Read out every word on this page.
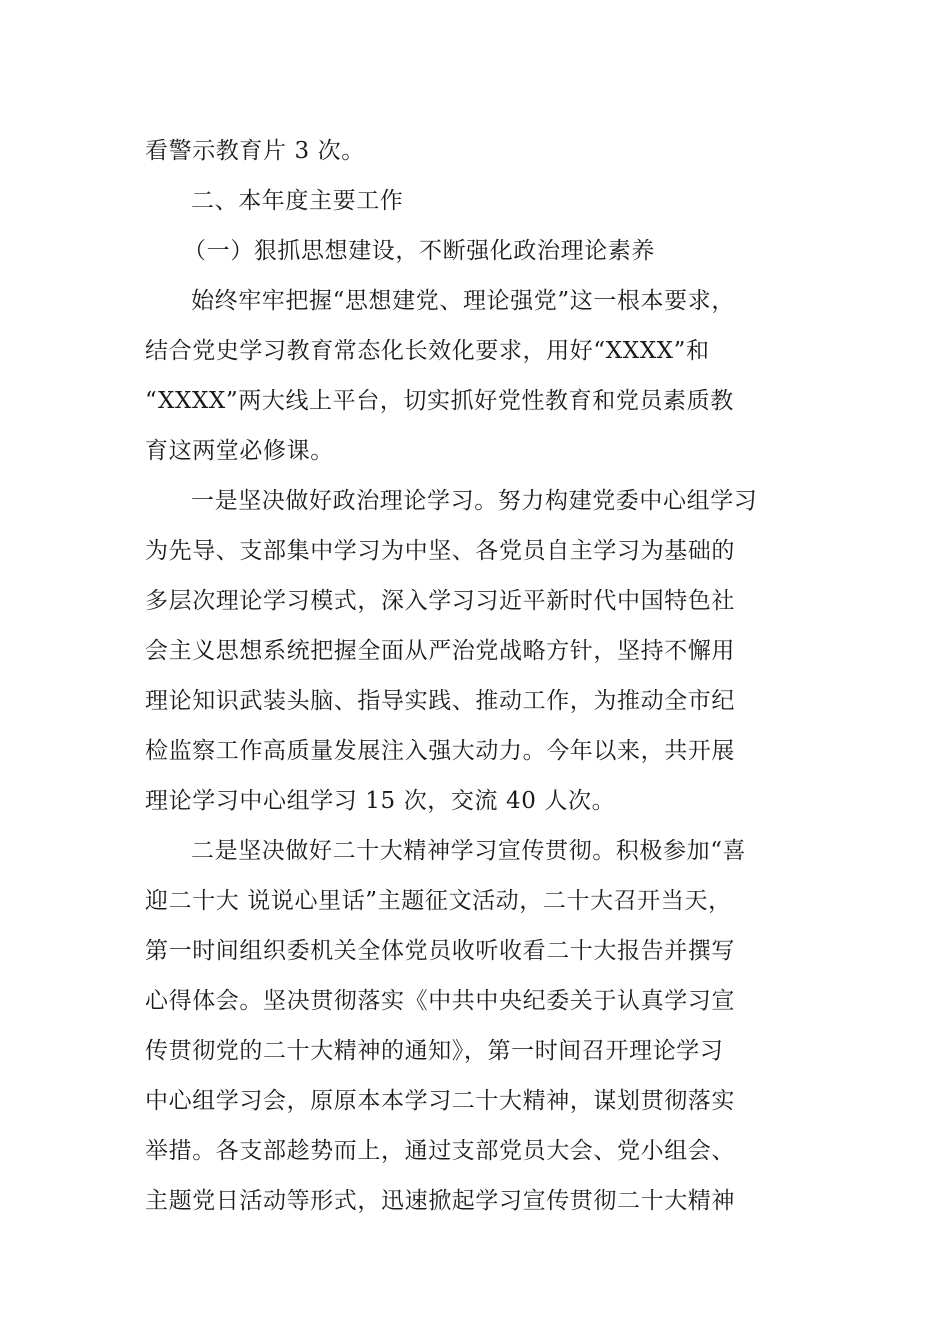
看警示教育片 3 次。
二、本年度主要工作
（一）狠抓思想建设，不断强化政治理论素养
始终牢牢把握“思想建党、理论强党”这一根本要求，
结合党史学习教育常态化长效化要求，用好“XXXX”和
“XXXX”两大线上平台，切实抓好党性教育和党员素质教
育这两堂必修课。
一是坚决做好政治理论学习。努力构建党委中心组学习
为先导、支部集中学习为中坚、各党员自主学习为基础的
多层次理论学习模式，深入学习习近平新时代中国特色社
会主义思想系统把握全面从严治党战略方针，坚持不懈用
理论知识武装头脑、指导实践、推动工作，为推动全市纪
检监察工作高质量发展注入强大动力。今年以来，共开展
理论学习中心组学习 15 次，交流 40 人次。
二是坚决做好二十大精神学习宣传贯彻。积极参加“喜
迎二十大 说说心里话”主题征文活动，二十大召开当天，
第一时间组织委机关全体党员收听收看二十大报告并撰写
心得体会。坚决贯彻落实《中共中央纪委关于认真学习宣
传贯彻党的二十大精神的通知》，第一时间召开理论学习
中心组学习会，原原本本学习二十大精神，谋划贯彻落实
举措。各支部趁势而上，通过支部党员大会、党小组会、
主题党日活动等形式，迅速掀起学习宣传贯彻二十大精神
